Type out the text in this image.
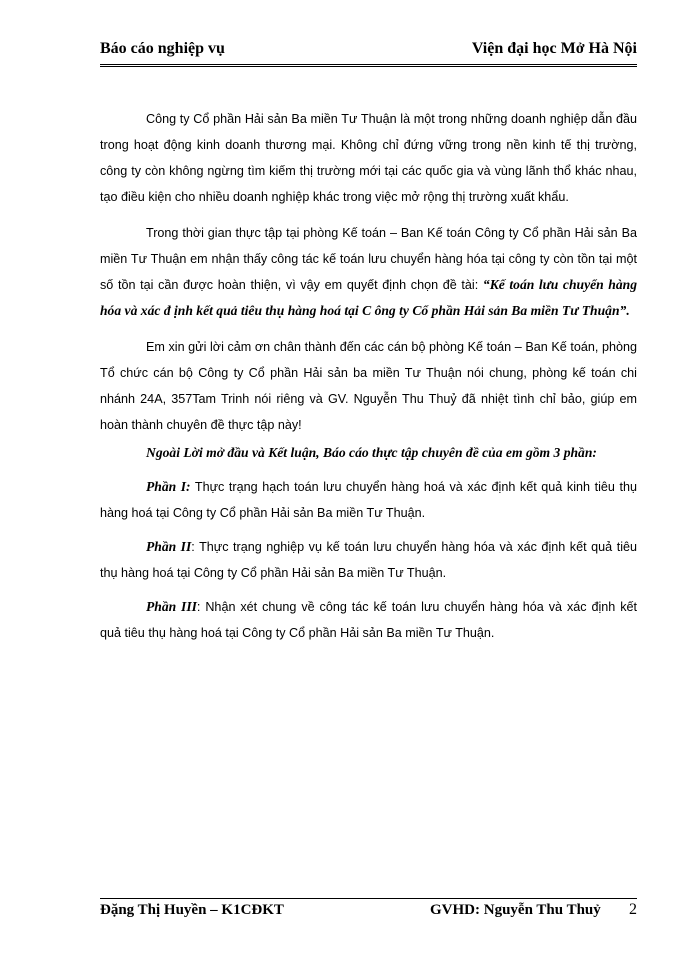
Báo cáo nghiệp vụ	Viện đại học Mở Hà Nội

Công ty Cổ phần Hải sản Ba miền Tư Thuận là một trong những doanh nghiệp dẫn đầu trong hoạt động kinh doanh thương mại. Không chỉ đứng vững trong nền kinh tế thị trường, công ty còn không ngừng tìm kiếm thị trường mới tại các quốc gia và vùng lãnh thổ khác nhau, tạo điều kiện cho nhiều doanh nghiệp khác trong việc mở rộng thị trường xuất khẩu.

Trong thời gian thực tập tại phòng Kế toán – Ban Kế toán Công ty Cổ phần Hải sản Ba miền Tư Thuận em nhận thấy công tác kế toán lưu chuyển hàng hóa tại công ty còn tồn tại một số tồn tại cần được hoàn thiện, vì vậy em quyết định chọn đề tài: “Kế toán lưu chuyển hàng hóa và xác đ ịnh kết quả tiêu thụ hàng hoá tại C ông ty Cổ phần Hải sản Ba miền Tư Thuận”.

Em xin gửi lời cảm ơn chân thành đến các cán bộ phòng Kế toán – Ban Kế toán, phòng Tổ chức cán bộ Công ty Cổ phần Hải sản ba miền Tư Thuận nói chung, phòng kế toán chi nhánh 24A, 357Tam Trinh nói riêng và GV. Nguyễn Thu Thuỷ đã nhiệt tình chỉ bảo, giúp em hoàn thành chuyên đề thực tập này!

Ngoài Lời mở đầu và Kết luận, Báo cáo thực tập chuyên đề của em gồm 3 phần:

Phần I: Thực trạng hạch toán lưu chuyển hàng hoá và xác định kết quả kinh tiêu thụ hàng hoá tại Công ty Cổ phần Hải sản Ba miền Tư Thuận.

Phần II: Thực trạng nghiệp vụ kế toán lưu chuyển hàng hóa và xác định kết quả tiêu thụ hàng hoá tại Công ty Cổ phần Hải sản Ba miền Tư Thuận.

Phần III: Nhận xét chung về công tác kế toán lưu chuyển hàng hóa và xác định kết quả tiêu thụ hàng hoá tại Công ty Cổ phần Hải sản Ba miền Tư Thuận.

Đặng Thị Huyền – K1CĐKT	GVHD: Nguyễn Thu Thuỷ 2
